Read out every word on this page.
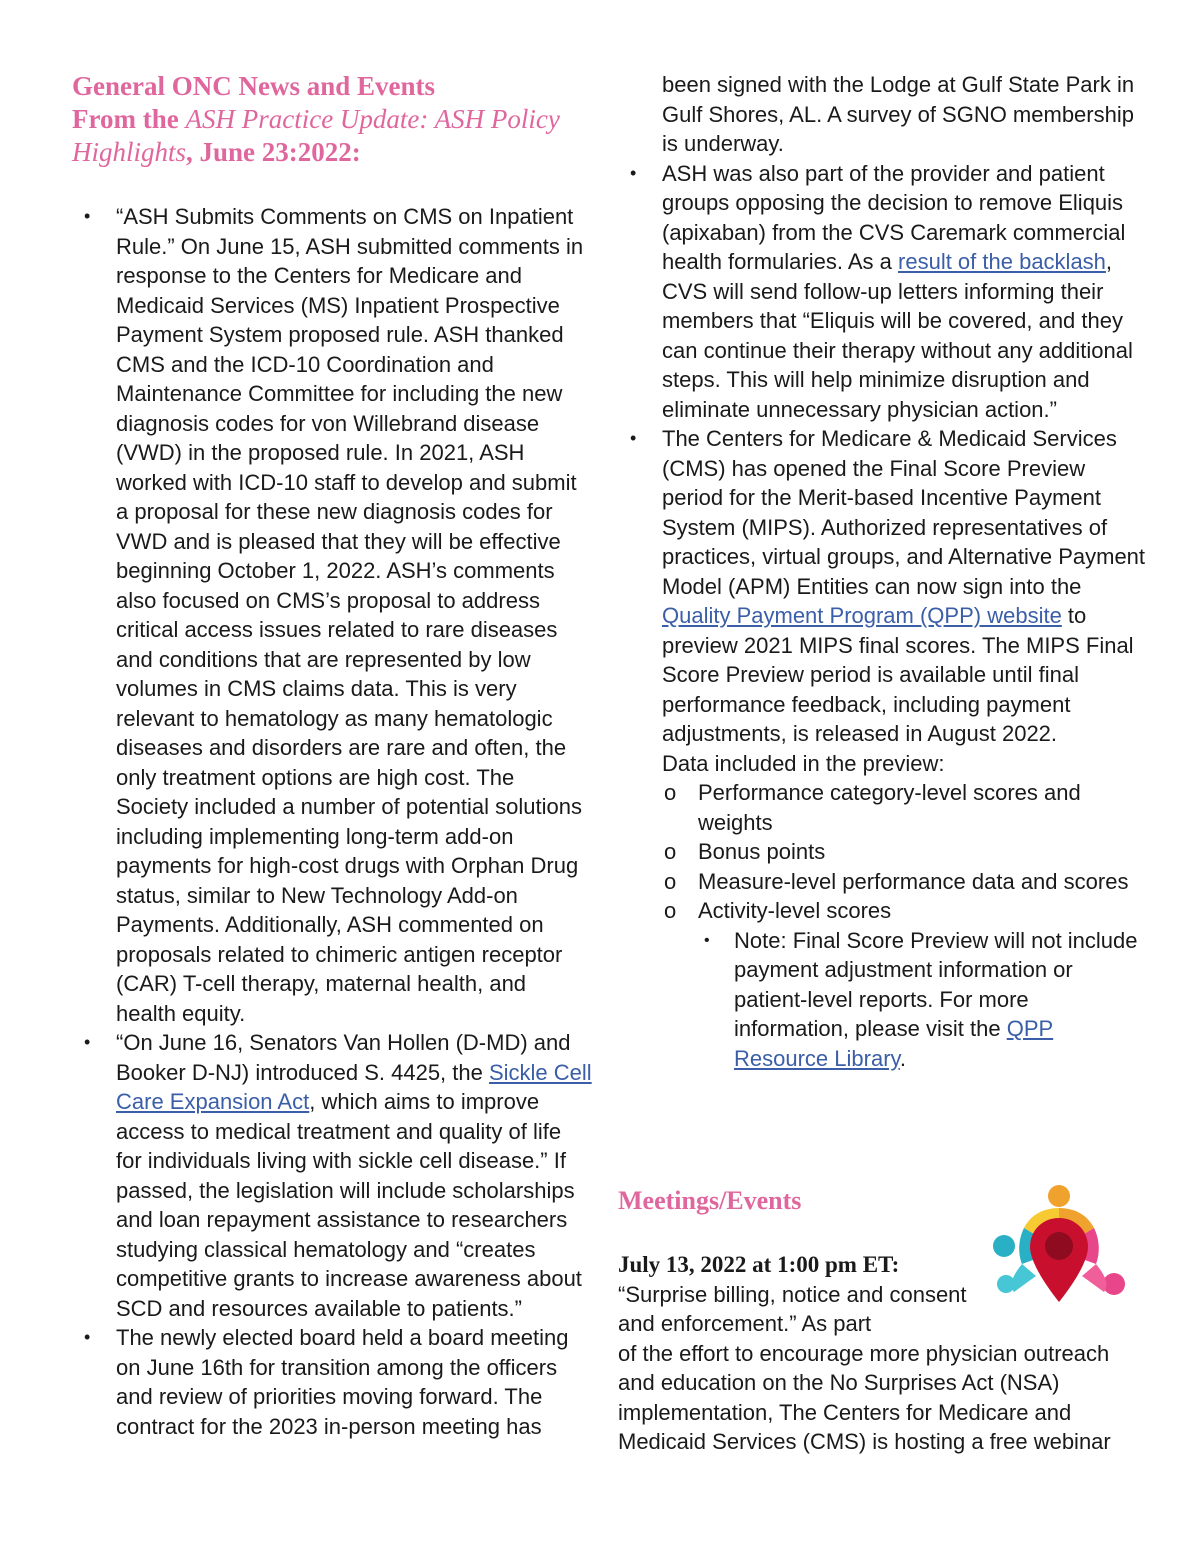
General ONC News and Events
From the ASH Practice Update: ASH Policy Highlights, June 23:2022:
• “ASH Submits Comments on CMS on Inpatient Rule.” On June 15, ASH submitted comments in response to the Centers for Medicare and Medicaid Services (MS) Inpatient Prospective Payment System proposed rule. ASH thanked CMS and the ICD-10 Coordination and Maintenance Committee for including the new diagnosis codes for von Willebrand disease (VWD) in the proposed rule. In 2021, ASH worked with ICD-10 staff to develop and submit a proposal for these new diagnosis codes for VWD and is pleased that they will be effective beginning October 1, 2022. ASH’s comments also focused on CMS’s proposal to address critical access issues related to rare diseases and conditions that are represented by low volumes in CMS claims data. This is very relevant to hematology as many hematologic diseases and disorders are rare and often, the only treatment options are high cost. The Society included a number of potential solutions including implementing long-term add-on payments for high-cost drugs with Orphan Drug status, similar to New Technology Add-on Payments. Additionally, ASH commented on proposals related to chimeric antigen receptor (CAR) T-cell therapy, maternal health, and health equity.
• “On June 16, Senators Van Hollen (D-MD) and Booker D-NJ) introduced S. 4425, the Sickle Cell Care Expansion Act, which aims to improve access to medical treatment and quality of life for individuals living with sickle cell disease.” If passed, the legislation will include scholarships and loan repayment assistance to researchers studying classical hematology and “creates competitive grants to increase awareness about SCD and resources available to patients.”
• The newly elected board held a board meeting on June 16th for transition among the officers and review of priorities moving forward. The contract for the 2023 in-person meeting has
been signed with the Lodge at Gulf State Park in Gulf Shores, AL. A survey of SGNO membership is underway.
• ASH was also part of the provider and patient groups opposing the decision to remove Eliquis (apixaban) from the CVS Caremark commercial health formularies. As a result of the backlash, CVS will send follow-up letters informing their members that “Eliquis will be covered, and they can continue their therapy without any additional steps. This will help minimize disruption and eliminate unnecessary physician action.”
• The Centers for Medicare & Medicaid Services (CMS) has opened the Final Score Preview period for the Merit-based Incentive Payment System (MIPS). Authorized representatives of practices, virtual groups, and Alternative Payment Model (APM) Entities can now sign into the Quality Payment Program (QPP) website to preview 2021 MIPS final scores. The MIPS Final Score Preview period is available until final performance feedback, including payment adjustments, is released in August 2022.
Data included in the preview:
o Performance category-level scores and weights
o Bonus points
o Measure-level performance data and scores
o Activity-level scores
• Note: Final Score Preview will not include payment adjustment information or patient-level reports. For more information, please visit the QPP Resource Library.
Meetings/Events
July 13, 2022 at 1:00 pm ET:
“Surprise billing, notice and consent and enforcement.” As part
of the effort to encourage more physician outreach and education on the No Surprises Act (NSA) implementation, The Centers for Medicare and Medicaid Services (CMS) is hosting a free webinar
